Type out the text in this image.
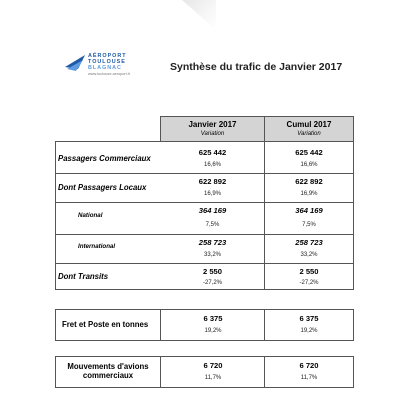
AÉROPORT
TOULOUSE
BLAGNAC
www.toulouse.aeroport.fr
Synthèse du trafic de Janvier 2017
Janvier 2017
Variation
Cumul 2017
Variation
625 442
16,6%
622 892
16,9%
364 169
7,5%
258 723
33,2%
2 550
-27,2%
625 442
16,6%
622 892
16,9%
364 169
7,5%
258 723
33,2%
2 550
-27,2%
Passagers Commerciaux
Dont Passagers Locaux
National
International
Dont Transits
Fret et Poste en tonnes
6 375
19,2%
6 375
19,2%
Mouvements d'avions commerciaux
6 720
11,7%
6 720
11,7%
